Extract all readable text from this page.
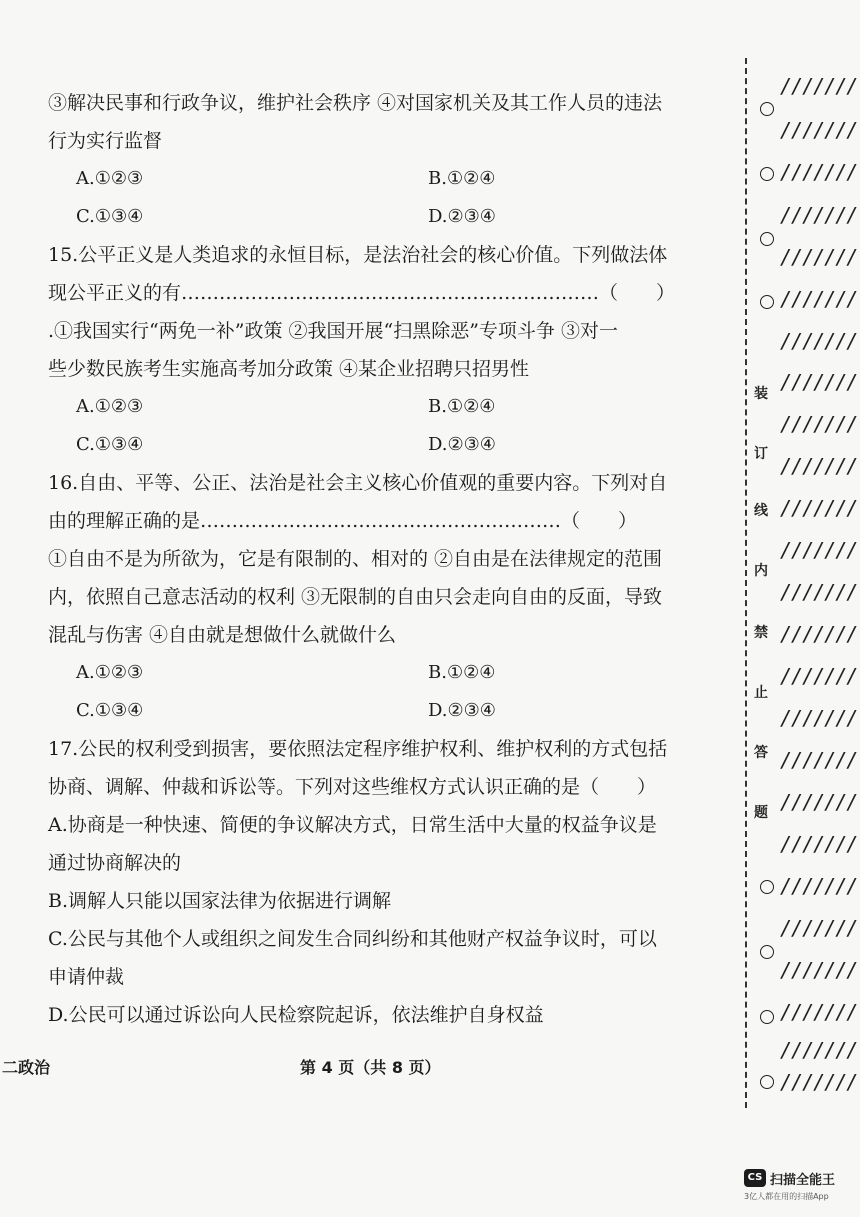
③解决民事和行政争议，维护社会秩序 ④对国家机关及其工作人员的违法
行为实行监督
A.①②③	B.①②④
C.①③④	D.②③④
15.公平正义是人类追求的永恒目标，是法治社会的核心价值。下列做法体
现公平正义的有…………………………………………………………（　　）
.①我国实行“两免一补”政策 ②我国开展“扫黑除恶”专项斗争 ③对一
些少数民族考生实施高考加分政策 ④某企业招聘只招男性
A.①②③	B.①②④
C.①③④	D.②③④
16.自由、平等、公正、法治是社会主义核心价值观的重要内容。下列对自
由的理解正确的是…………………………………………………（　　）
①自由不是为所欲为，它是有限制的、相对的 ②自由是在法律规定的范围
内，依照自己意志活动的权利 ③无限制的自由只会走向自由的反面，导致
混乱与伤害 ④自由就是想做什么就做什么
A.①②③	B.①②④
C.①③④	D.②③④
17.公民的权利受到损害，要依照法定程序维护权利、维护权利的方式包括
协商、调解、仲裁和诉讼等。下列对这些维权方式认识正确的是（　　）
A.协商是一种快速、简便的争议解决方式，日常生活中大量的权益争议是
通过协商解决的
B.调解人只能以国家法律为依据进行调解
C.公民与其他个人或组织之间发生合同纠纷和其他财产权益争议时，可以
申请仲裁
D.公民可以通过诉讼向人民检察院起诉，依法维护自身权益
二政治	第 4 页（共 8 页）
装
订
线
内
禁
止
答
题
///////
///////
///////
///////
///////
///////
///////
///////
///////
///////
///////
///////
///////
///////
///////
///////
///////
///////
///////
///////
///////
///////
///////
///////
///////
CS 扫描全能王
3亿人都在用的扫描App
